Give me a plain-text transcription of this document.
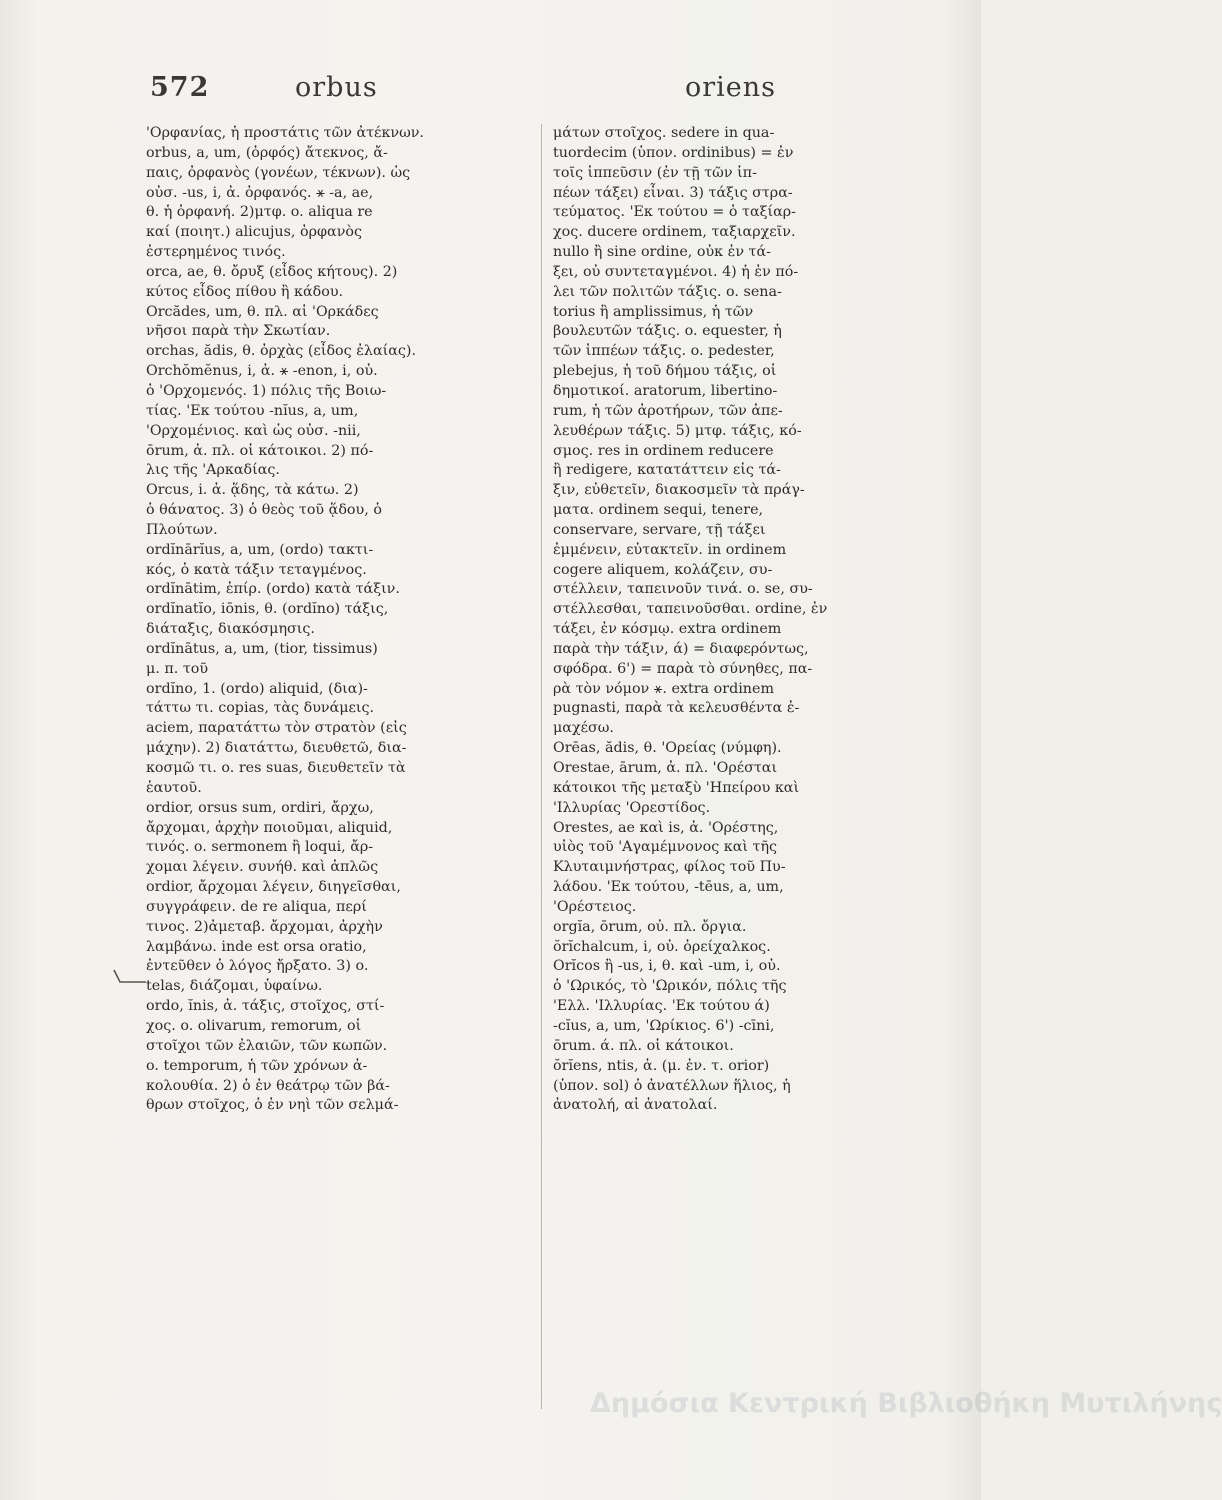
572	orbus	oriens
'Ορφανίας, ἡ προστάτις τῶν ἀτέκνων.
orbus, a, um, (ὀρφός) ἄτεκνος, ἄ-
παις, ὀρφανὸς (γονέων, τέκνων). ὡς
οὐσ. -us, i, ἀ. ὀρφανός. ⚹ -a, ae,
θ. ἡ ὀρφανή. 2)μτφ. o. aliqua re
καί (ποιητ.) alicujus, ὀρφανὸς
ἐστερημένος τινός.
orca, ae, θ. ὄρυξ (εἶδος κήτους). 2)
κύτος εἶδος πίθου ἢ κάδου.
Orcădes, um, θ. πλ. αἱ 'Ορκάδες
νῆσοι παρὰ τὴν Σκωτίαν.
orchas, ădis, θ. ὀρχὰς (εἶδος ἐλαίας).
Orchŏmĕnus, i, ἀ. ⚹ -enon, i, οὐ.
ὁ 'Ορχομενός. 1) πόλις τῆς Βοιω-
τίας. 'Εκ τούτου -nĭus, a, um,
'Ορχομένιος. καὶ ὡς οὐσ. -nii,
ōrum, ἀ. πλ. οἱ κάτοικοι. 2) πό-
λις τῆς 'Αρκαδίας.
Orcus, i. ἀ. ᾅδης, τὰ κάτω. 2)
ὁ θάνατος. 3) ὁ θεὸς τοῦ ᾅδου, ὁ
Πλούτων.
ordĭnārĭus, a, um, (ordo) τακτι-
κός, ὁ κατὰ τάξιν τεταγμένος.
ordĭnātim, ἐπίρ. (ordo) κατὰ τάξιν.
ordĭnatĭo, iōnis, θ. (ordĭno) τάξις,
διάταξις, διακόσμησις.
ordĭnātus, a, um, (tior, tissimus)
μ. π. τοῦ
ordĭno, 1. (ordo) aliquid, (δια)-
τάττω τι. copias, τὰς δυνάμεις.
aciem, παρατάττω τὸν στρατὸν (εἰς
μάχην). 2) διατάττω, διευθετῶ, δια-
κοσμῶ τι. o. res suas, διευθετεῖν τὰ
ἑαυτοῦ.
ordior, orsus sum, ordiri, ἄρχω,
ἄρχομαι, ἀρχὴν ποιοῦμαι, aliquid,
τινός. o. sermonem ἢ loqui, ἄρ-
χομαι λέγειν. συνήθ. καὶ ἁπλῶς
ordior, ἄρχομαι λέγειν, διηγεῖσθαι,
συγγράφειν. de re aliqua, περί
τινος. 2)ἀμεταβ. ἄρχομαι, ἀρχὴν
λαμβάνω. inde est orsa oratio,
ἐντεῦθεν ὁ λόγος ἤρξατο. 3) o.
telas, διάζομαι, ὑφαίνω.
ordo, ĭnis, ἀ. τάξις, στοῖχος, στί-
χος. o. olivarum, remorum, οἱ
στοῖχοι τῶν ἐλαιῶν, τῶν κωπῶν.
o. temporum, ἡ τῶν χρόνων ἀ-
κολουθία. 2) ὁ ἐν θεάτρῳ τῶν βά-
θρων στοῖχος, ὁ ἐν νηὶ τῶν σελμά-
μάτων στοῖχος. sedere in qua-
tuordecim (ὑπον. ordinibus) = ἐν
τοῖς ἱππεῦσιν (ἐν τῇ τῶν ἱπ-
πέων τάξει) εἶναι. 3) τάξις στρα-
τεύματος. 'Εκ τούτου = ὁ ταξίαρ-
χος. ducere ordinem, ταξιαρχεῖν.
nullo ἢ sine ordine, οὐκ ἐν τά-
ξει, οὐ συντεταγμένοι. 4) ἡ ἐν πό-
λει τῶν πολιτῶν τάξις. o. sena-
torius ἢ amplissimus, ἡ τῶν
βουλευτῶν τάξις. o. equester, ἡ
τῶν ἱππέων τάξις. o. pedester,
plebejus, ἡ τοῦ δήμου τάξις, οἱ
δημοτικοί. aratorum, libertino-
rum, ἡ τῶν ἀροτήρων, τῶν ἀπε-
λευθέρων τάξις. 5) μτφ. τάξις, κό-
σμος. res in ordinem reducere
ἢ redigere, κατατάττειν εἰς τά-
ξιν, εὐθετεῖν, διακοσμεῖν τὰ πράγ-
ματα. ordinem sequi, tenere,
conservare, servare, τῇ τάξει
ἐμμένειν, εὐτακτεῖν. in ordinem
cogere aliquem, κολάζειν, συ-
στέλλειν, ταπεινοῦν τινά. o. se, συ-
στέλλεσθαι, ταπεινοῦσθαι. ordine, ἐν
τάξει, ἐν κόσμῳ. extra ordinem
παρὰ τὴν τάξιν, ά) = διαφερόντως,
σφόδρα. 6') = παρὰ τὸ σύνηθες, πα-
ρὰ τὸν νόμον ⚹. extra ordinem
pugnasti, παρὰ τὰ κελευσθέντα ἐ-
μαχέσω.
Orēas, ădis, θ. 'Ορείας (νύμφη).
Orestae, ārum, ἀ. πλ. 'Ορέσται
κάτοικοι τῆς μεταξὺ 'Ηπείρου καὶ
'Ιλλυρίας 'Ορεστίδος.
Orestes, ae καὶ is, ἀ. 'Ορέστης,
υἱὸς τοῦ 'Αγαμέμνονος καὶ τῆς
Κλυταιμνήστρας, φίλος τοῦ Πυ-
λάδου. 'Εκ τούτου, -tēus, a, um,
'Ορέστειος.
orgĭa, ōrum, οὐ. πλ. ὄργια.
ŏrĭchalcum, i, οὐ. ὀρείχαλκος.
Orĭcos ἢ -us, i, θ. καὶ -um, i, οὐ.
ὁ 'Ωρικός, τὸ 'Ωρικόν, πόλις τῆς
'Ελλ. 'Ιλλυρίας. 'Εκ τούτου ά)
-cĭus, a, um, 'Ωρίκιος. 6') -cīni,
ōrum. ά. πλ. οἱ κάτοικοι.
ŏrĭens, ntis, ἀ. (μ. ἐν. τ. orior)
(ὑπον. sol) ὁ ἀνατέλλων ἥλιος, ἡ
ἀνατολή, αἱ ἀνατολαί.
Δημόσια Κεντρική Βιβλιοθήκη Μυτιλήνης
